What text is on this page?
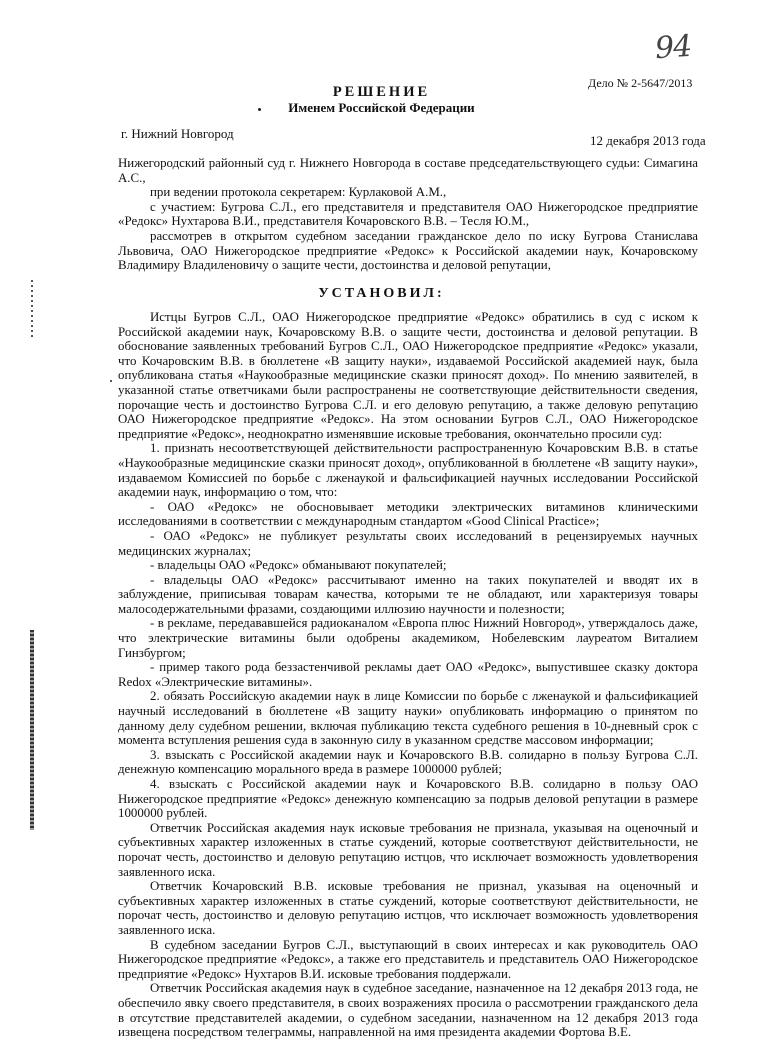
94
Дело № 2-5647/2013
РЕШЕНИЕ
Именем Российской Федерации
г. Нижний Новгород	12 декабря 2013 года

Нижегородский районный суд г. Нижнего Новгорода в составе председательствующего судьи: Симагина А.С.,

при ведении протокола секретарем: Курлаковой А.М.,

с участием: Бугрова С.Л., его представителя и представителя ОАО Нижегородское предприятие «Редокс» Нухтарова В.И., представителя Кочаровского В.В. – Тесля Ю.М.,

рассмотрев в открытом судебном заседании гражданское дело по иску Бугрова Станислава Львовича, ОАО Нижегородское предприятие «Редокс» к Российской академии наук, Кочаровскому Владимиру Владиленовичу о защите чести, достоинства и деловой репутации,

УСТАНОВИЛ:

Истцы Бугров С.Л., ОАО Нижегородское предприятие «Редокс» обратились в суд с иском к Российской академии наук, Кочаровскому В.В. о защите чести, достоинства и деловой репутации. В обоснование заявленных требований Бугров С.Л., ОАО Нижегородское предприятие «Редокс» указали, что Кочаровским В.В. в бюллетене «В защиту науки», издаваемой Российской академией наук, была опубликована статья «Наукообразные медицинские сказки приносят доход». По мнению заявителей, в указанной статье ответчиками были распространены не соответствующие действительности сведения, порочащие честь и достоинство Бугрова С.Л. и его деловую репутацию, а также деловую репутацию ОАО Нижегородское предприятие «Редокс». На этом основании Бугров С.Л., ОАО Нижегородское предприятие «Редокс», неоднократно изменявшие исковые требования, окончательно просили суд:

1. признать несоответствующей действительности распространенную Кочаровским В.В. в статье «Наукообразные медицинские сказки приносят доход», опубликованной в бюллетене «В защиту науки», издаваемом Комиссией по борьбе с лженаукой и фальсификацией научных исследовании Российской академии наук, информацию о том, что:

- ОАО «Редокс» не обосновывает методики электрических витаминов клиническими исследованиями в соответствии с международным стандартом «Good Clinical Practice»;

- ОАО «Редокс» не публикует результаты своих исследований в рецензируемых научных медицинских журналах;

- владельцы ОАО «Редокс» обманывают покупателей;

- владельцы ОАО «Редокс» рассчитывают именно на таких покупателей и вводят их в заблуждение, приписывая товарам качества, которыми те не обладают, или характеризуя товары малосодержательными фразами, создающими иллюзию научности и полезности;

- в рекламе, передававшейся радиоканалом «Европа плюс Нижний Новгород», утверждалось даже, что электрические витамины были одобрены академиком, Нобелевским лауреатом Виталием Гинзбургом;

- пример такого рода беззастенчивой рекламы дает ОАО «Редокс», выпустившее сказку доктора Redox «Электрические витамины».

2. обязать Российскую академии наук в лице Комиссии по борьбе с лженаукой и фальсификацией научный исследований в бюллетене «В защиту науки» опубликовать информацию о принятом по данному делу судебном решении, включая публикацию текста судебного решения в 10-дневный срок с момента вступления решения суда в законную силу в указанном средстве массовом информации;

3. взыскать с Российской академии наук и Кочаровского В.В. солидарно в пользу Бугрова С.Л. денежную компенсацию морального вреда в размере 1000000 рублей;

4. взыскать с Российской академии наук и Кочаровского В.В. солидарно в пользу ОАО Нижегородское предприятие «Редокс» денежную компенсацию за подрыв деловой репутации в размере 1000000 рублей.

Ответчик Российская академия наук исковые требования не признала, указывая на оценочный и субъективных характер изложенных в статье суждений, которые соответствуют действительности, не порочат честь, достоинство и деловую репутацию истцов, что исключает возможность удовлетворения заявленного иска.

Ответчик Кочаровский В.В. исковые требования не признал, указывая на оценочный и субъективных характер изложенных в статье суждений, которые соответствуют действительности, не порочат честь, достоинство и деловую репутацию истцов, что исключает возможность удовлетворения заявленного иска.

В судебном заседании Бугров С.Л., выступающий в своих интересах и как руководитель ОАО Нижегородское предприятие «Редокс», а также его представитель и представитель ОАО Нижегородское предприятие «Редокс» Нухтаров В.И. исковые требования поддержали.

Ответчик Российская академия наук в судебное заседание, назначенное на 12 декабря 2013 года, не обеспечило явку своего представителя, в своих возражениях просила о рассмотрении гражданского дела в отсутствие представителей академии, о судебном заседании, назначенном на 12 декабря 2013 года извещена посредством телеграммы, направленной на имя президента академии Фортова В.Е.
